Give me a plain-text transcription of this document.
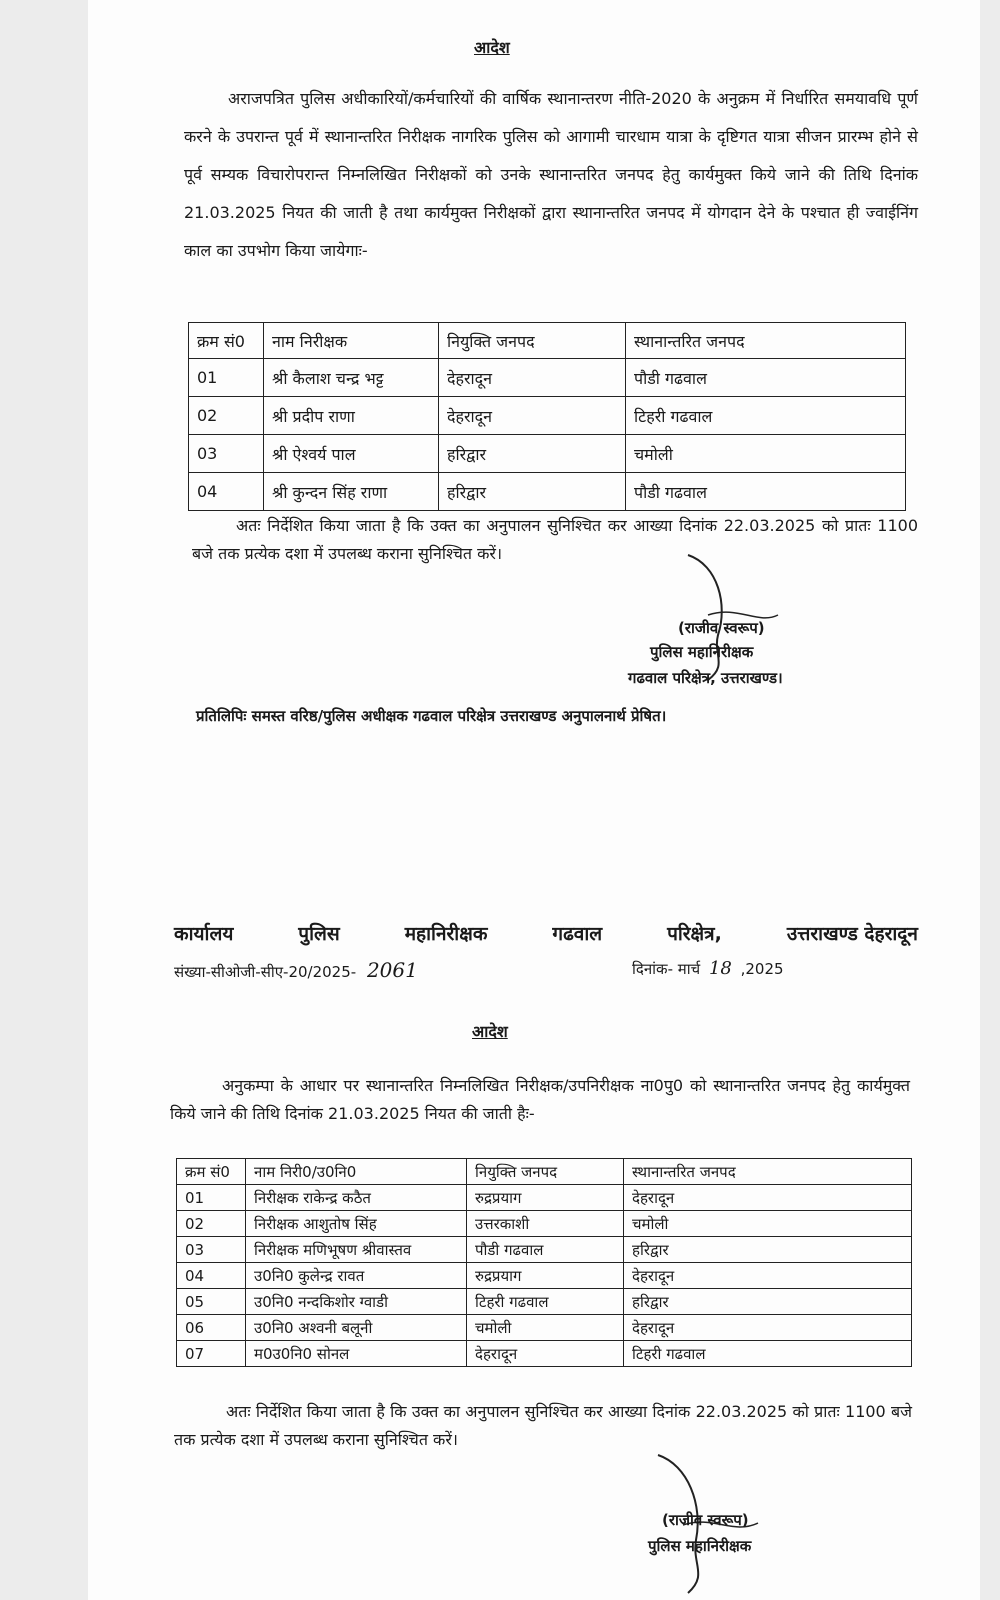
आदेश
अराजपत्रित पुलिस अधीकारियों/कर्मचारियों की वार्षिक स्थानान्तरण नीति-2020 के अनुक्रम में निर्धारित समयावधि पूर्ण करने के उपरान्त पूर्व में स्थानान्तरित निरीक्षक नागरिक पुलिस को आगामी चारधाम यात्रा के दृष्टिगत यात्रा सीजन प्रारम्भ होने से पूर्व सम्यक विचारोपरान्त निम्नलिखित निरीक्षकों को उनके स्थानान्तरित जनपद हेतु कार्यमुक्त किये जाने की तिथि दिनांक 21.03.2025 नियत की जाती है तथा कार्यमुक्त निरीक्षकों द्वारा स्थानान्तरित जनपद में योगदान देने के पश्चात ही ज्वाईनिंग काल का उपभोग किया जायेगाः-
क्रम सं0	नाम निरीक्षक	नियुक्ति जनपद	स्थानान्तरित जनपद
01	श्री कैलाश चन्द्र भट्ट	देहरादून	पौडी गढवाल
02	श्री प्रदीप राणा	देहरादून	टिहरी गढवाल
03	श्री ऐश्वर्य पाल	हरिद्वार	चमोली
04	श्री कुन्दन सिंह राणा	हरिद्वार	पौडी गढवाल
अतः निर्देशित किया जाता है कि उक्त का अनुपालन सुनिश्चित कर आख्या दिनांक 22.03.2025 को प्रातः 1100 बजे तक प्रत्येक दशा में उपलब्ध कराना सुनिश्चित करें।
(राजीव स्वरूप)
पुलिस महानिरीक्षक
गढवाल परिक्षेत्र, उत्तराखण्ड।
प्रतिलिपिः समस्त वरिष्ठ/पुलिस अधीक्षक गढवाल परिक्षेत्र उत्तराखण्ड अनुपालनार्थ प्रेषित।
कार्यालय	पुलिस	महानिरीक्षक	गढवाल	परिक्षेत्र,	उत्तराखण्ड देहरादून
संख्या-सीओजी-सीए-20/2025- 2061	दिनांक- मार्च 18 ,2025
आदेश
अनुकम्पा के आधार पर स्थानान्तरित निम्नलिखित निरीक्षक/उपनिरीक्षक ना0पु0 को स्थानान्तरित जनपद हेतु कार्यमुक्त किये जाने की तिथि दिनांक 21.03.2025 नियत की जाती हैः-
क्रम सं0	नाम निरी0/उ0नि0	नियुक्ति जनपद	स्थानान्तरित जनपद
01	निरीक्षक राकेन्द्र कठैत	रुद्रप्रयाग	देहरादून
02	निरीक्षक आशुतोष सिंह	उत्तरकाशी	चमोली
03	निरीक्षक मणिभूषण श्रीवास्तव	पौडी गढवाल	हरिद्वार
04	उ0नि0 कुलेन्द्र रावत	रुद्रप्रयाग	देहरादून
05	उ0नि0 नन्दकिशोर ग्वाडी	टिहरी गढवाल	हरिद्वार
06	उ0नि0 अश्वनी बलूनी	चमोली	देहरादून
07	म0उ0नि0 सोनल	देहरादून	टिहरी गढवाल
अतः निर्देशित किया जाता है कि उक्त का अनुपालन सुनिश्चित कर आख्या दिनांक 22.03.2025 को प्रातः 1100 बजे तक प्रत्येक दशा में उपलब्ध कराना सुनिश्चित करें।
(राजीव स्वरूप)
पुलिस महानिरीक्षक
